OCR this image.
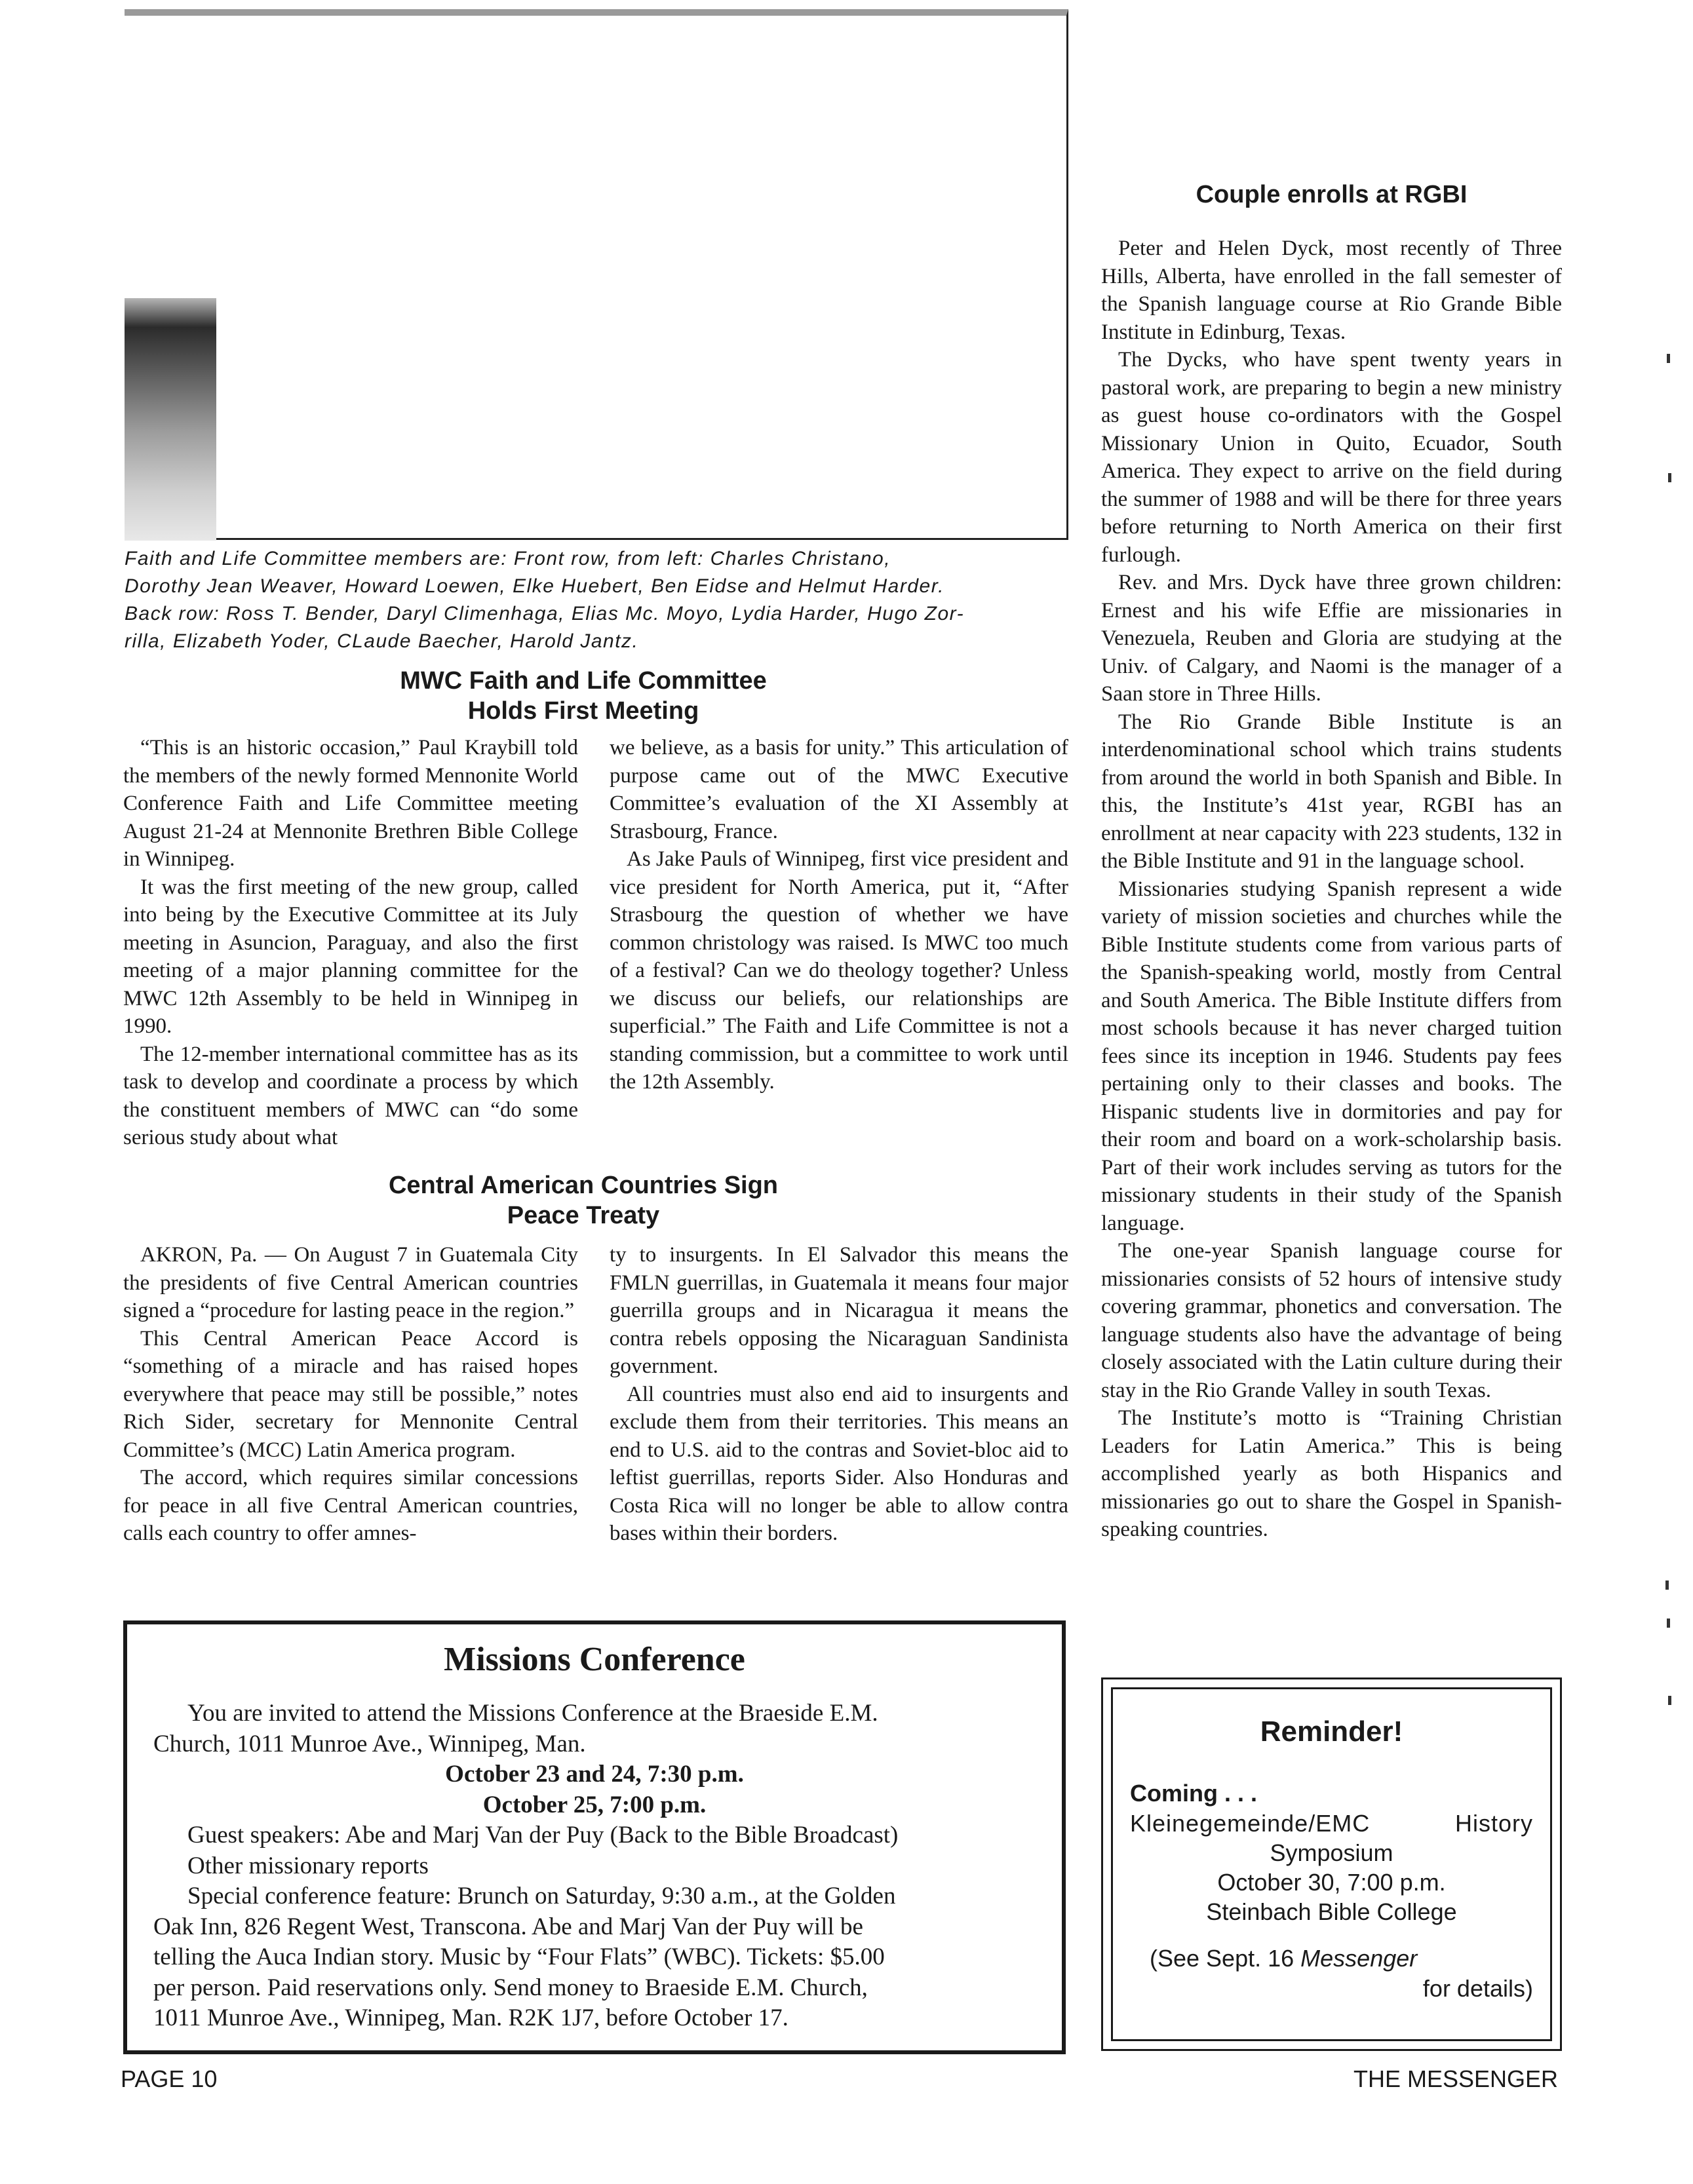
Faith and Life Committee members are: Front row, from left: Charles Christano,

Dorothy Jean Weaver, Howard Loewen, Elke Huebert, Ben Eidse and Helmut Harder.

Back row: Ross T. Bender, Daryl Climenhaga, Elias Mc. Moyo, Lydia Harder, Hugo Zor-

rilla, Elizabeth Yoder, CLaude Baecher, Harold Jantz.

MWC Faith and Life Committee
Holds First Meeting

“This is an historic occasion,” Paul Kraybill told the members of the newly formed Mennonite World Conference Faith and Life Committee meeting August 21-24 at Mennonite Brethren Bible College in Winnipeg.

It was the first meeting of the new group, called into being by the Executive Committee at its July meeting in Asuncion, Paraguay, and also the first meeting of a major planning committee for the MWC 12th Assembly to be held in Winnipeg in 1990.

The 12-member international committee has as its task to develop and coordinate a process by which the constituent members of MWC can “do some serious study about what

we believe, as a basis for unity.” This articulation of purpose came out of the MWC Executive Committee’s evaluation of the XI Assembly at Strasbourg, France.

As Jake Pauls of Winnipeg, first vice president and vice president for North America, put it, “After Strasbourg the question of whether we have common christology was raised. Is MWC too much of a festival? Can we do theology together? Unless we discuss our beliefs, our relationships are superficial.” The Faith and Life Committee is not a standing commission, but a committee to work until the 12th Assembly.

Central American Countries Sign
Peace Treaty

AKRON, Pa. — On August 7 in Guatemala City the presidents of five Central American countries signed a “procedure for lasting peace in the region.”

This Central American Peace Accord is “something of a miracle and has raised hopes everywhere that peace may still be possible,” notes Rich Sider, secretary for Mennonite Central Committee’s (MCC) Latin America program.

The accord, which requires similar concessions for peace in all five Central American countries, calls each country to offer amnes-

ty to insurgents. In El Salvador this means the FMLN guerrillas, in Guatemala it means four major guerrilla groups and in Nicaragua it means the contra rebels opposing the Nicaraguan Sandinista government.

All countries must also end aid to insurgents and exclude them from their territories. This means an end to U.S. aid to the contras and Soviet-bloc aid to leftist guerrillas, reports Sider. Also Honduras and Costa Rica will no longer be able to allow contra bases within their borders.

Couple enrolls at RGBI

Peter and Helen Dyck, most recently of Three Hills, Alberta, have enrolled in the fall semester of the Spanish language course at Rio Grande Bible Institute in Edinburg, Texas.

The Dycks, who have spent twenty years in pastoral work, are preparing to begin a new ministry as guest house co-ordinators with the Gospel Missionary Union in Quito, Ecuador, South America. They expect to arrive on the field during the summer of 1988 and will be there for three years before returning to North America on their first furlough.

Rev. and Mrs. Dyck have three grown children: Ernest and his wife Effie are missionaries in Venezuela, Reuben and Gloria are studying at the Univ. of Calgary, and Naomi is the manager of a Saan store in Three Hills.

The Rio Grande Bible Institute is an interdenominational school which trains students from around the world in both Spanish and Bible. In this, the Institute’s 41st year, RGBI has an enrollment at near capacity with 223 students, 132 in the Bible Institute and 91 in the language school.

Missionaries studying Spanish represent a wide variety of mission societies and churches while the Bible Institute students come from various parts of the Spanish-speaking world, mostly from Central and South America. The Bible Institute differs from most schools because it has never charged tuition fees since its inception in 1946. Students pay fees pertaining only to their classes and books. The Hispanic students live in dormitories and pay for their room and board on a work-scholarship basis. Part of their work includes serving as tutors for the missionary students in their study of the Spanish language.

The one-year Spanish language course for missionaries consists of 52 hours of intensive study covering grammar, phonetics and conversation. The language students also have the advantage of being closely associated with the Latin culture during their stay in the Rio Grande Valley in south Texas.

The Institute’s motto is “Training Christian Leaders for Latin America.” This is being accomplished yearly as both Hispanics and missionaries go out to share the Gospel in Spanish-speaking countries.

Missions Conference
You are invited to attend the Missions Conference at the Braeside E.M.
Church, 1011 Munroe Ave., Winnipeg, Man.
October 23 and 24, 7:30 p.m.
October 25, 7:00 p.m.
Guest speakers: Abe and Marj Van der Puy (Back to the Bible Broadcast)
Other missionary reports
Special conference feature: Brunch on Saturday, 9:30 a.m., at the Golden
Oak Inn, 826 Regent West, Transcona. Abe and Marj Van der Puy will be
telling the Auca Indian story. Music by “Four Flats” (WBC). Tickets: $5.00
per person. Paid reservations only. Send money to Braeside E.M. Church,
1011 Munroe Ave., Winnipeg, Man. R2K 1J7, before October 17.
Reminder!
Coming . . .
Kleinegemeinde/EMC History
Symposium
October 30, 7:00 p.m.
Steinbach Bible College
(See Sept. 16 Messenger
for details)
PAGE 10	THE MESSENGER
